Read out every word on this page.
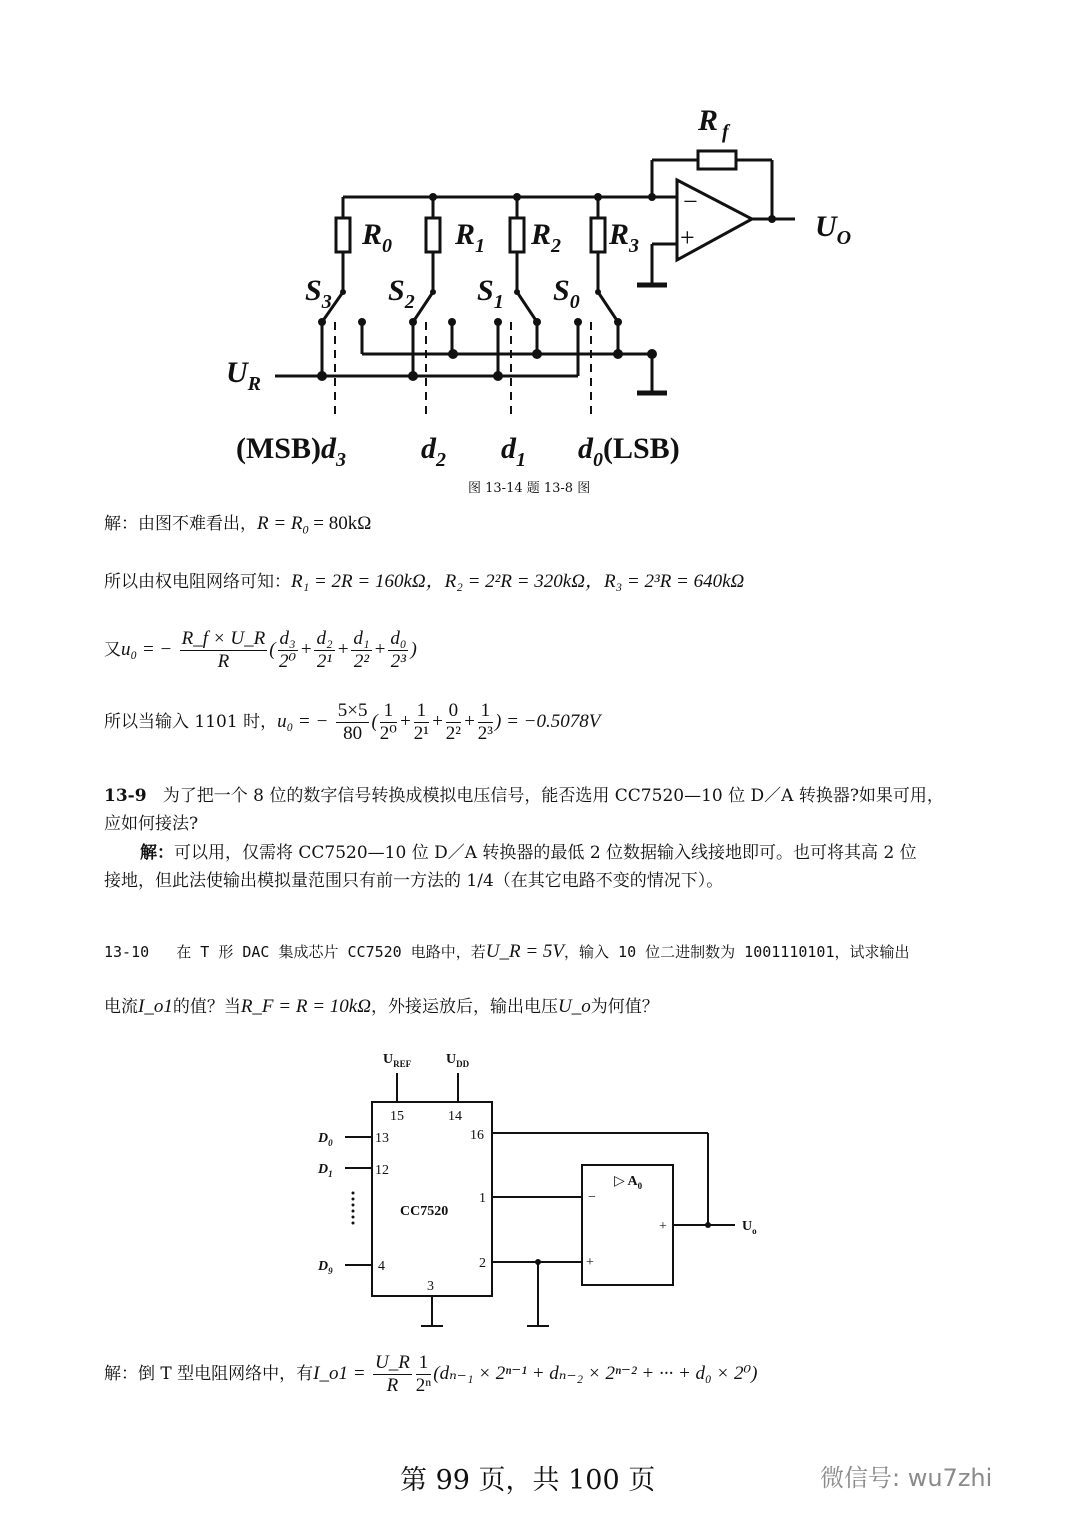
R $_f$
$R_0$ $R_1$ $R_2$ $R_3$
$S_3$ $S_2$ $S_1$ $S_0$
$U_O$
$U_R$
$(MSB)d_3$	$d_2$ $d_1$ $d_0(LSB)$
−
+
图 13-14 题 13-8 图
解：由图不难看出，$R = R_0 = 80k\Omega$
所以由权电阻网络可知：R₁ = 2R = 160kΩ，R₂ = 2²R = 320kΩ，R₃ = 2³R = 640kΩ
又u₀ = − $\frac{R\_f \times U\_R}{R}$ ( $\frac{\text{d₃}}{\text{2⁰}} + \frac{\text{d₂}}{\text{2¹}} + \frac{\text{d₁}}{\text{2²}} + \frac{\text{d₀}}{\text{2³}}$ )
所以当输入 1101 时，u₀ = − $\frac{5\times 5}{80}$ ( $\frac{1}{\text{2⁰}} + \frac{1}{\text{2¹}} + \frac{0}{\text{2²}} + \frac{1}{\text{2³}}$ ) = −0.5078V
13-9 为了把一个 8 位的数字信号转换成模拟电压信号，能否选用 CC7520—10 位 D／A 转换器?如果可用，
应如何接法?
解：可以用，仅需将 CC7520—10 位 D／A 转换器的最低 2 位数据输入线接地即可。也可将其高 2 位
接地，但此法使输出模拟量范围只有前一方法的 1/4（在其它电路不变的情况下）。
13-10 在 T 形 DAC 集成芯片 CC7520 电路中，若U_R = 5V，输入 10 位二进制数为 1001110101，试求输出
电流I_o1的值？当R_F = R = 10kΩ，外接运放后，输出电压U_o为何值？
$U_{REF}$ $U_{DD}$
15	14
13
12
16
1
2
4
3
CC7520
$D_0$
$D_1$
$D_9$
▷ $A_0$
$U_o$
−
+
+
解：倒 T 型电阻网络中，有I_o1 = $\frac{U\_R}{R} \frac{1}{\text{2ⁿ}} (d_{n-1} \times 2^{n-1} + d_{n-2} \times 2^{n-2}$ + ··· + d₀ × 2⁰)
第 99 页，共 100 页	微信号: wu7zhi
